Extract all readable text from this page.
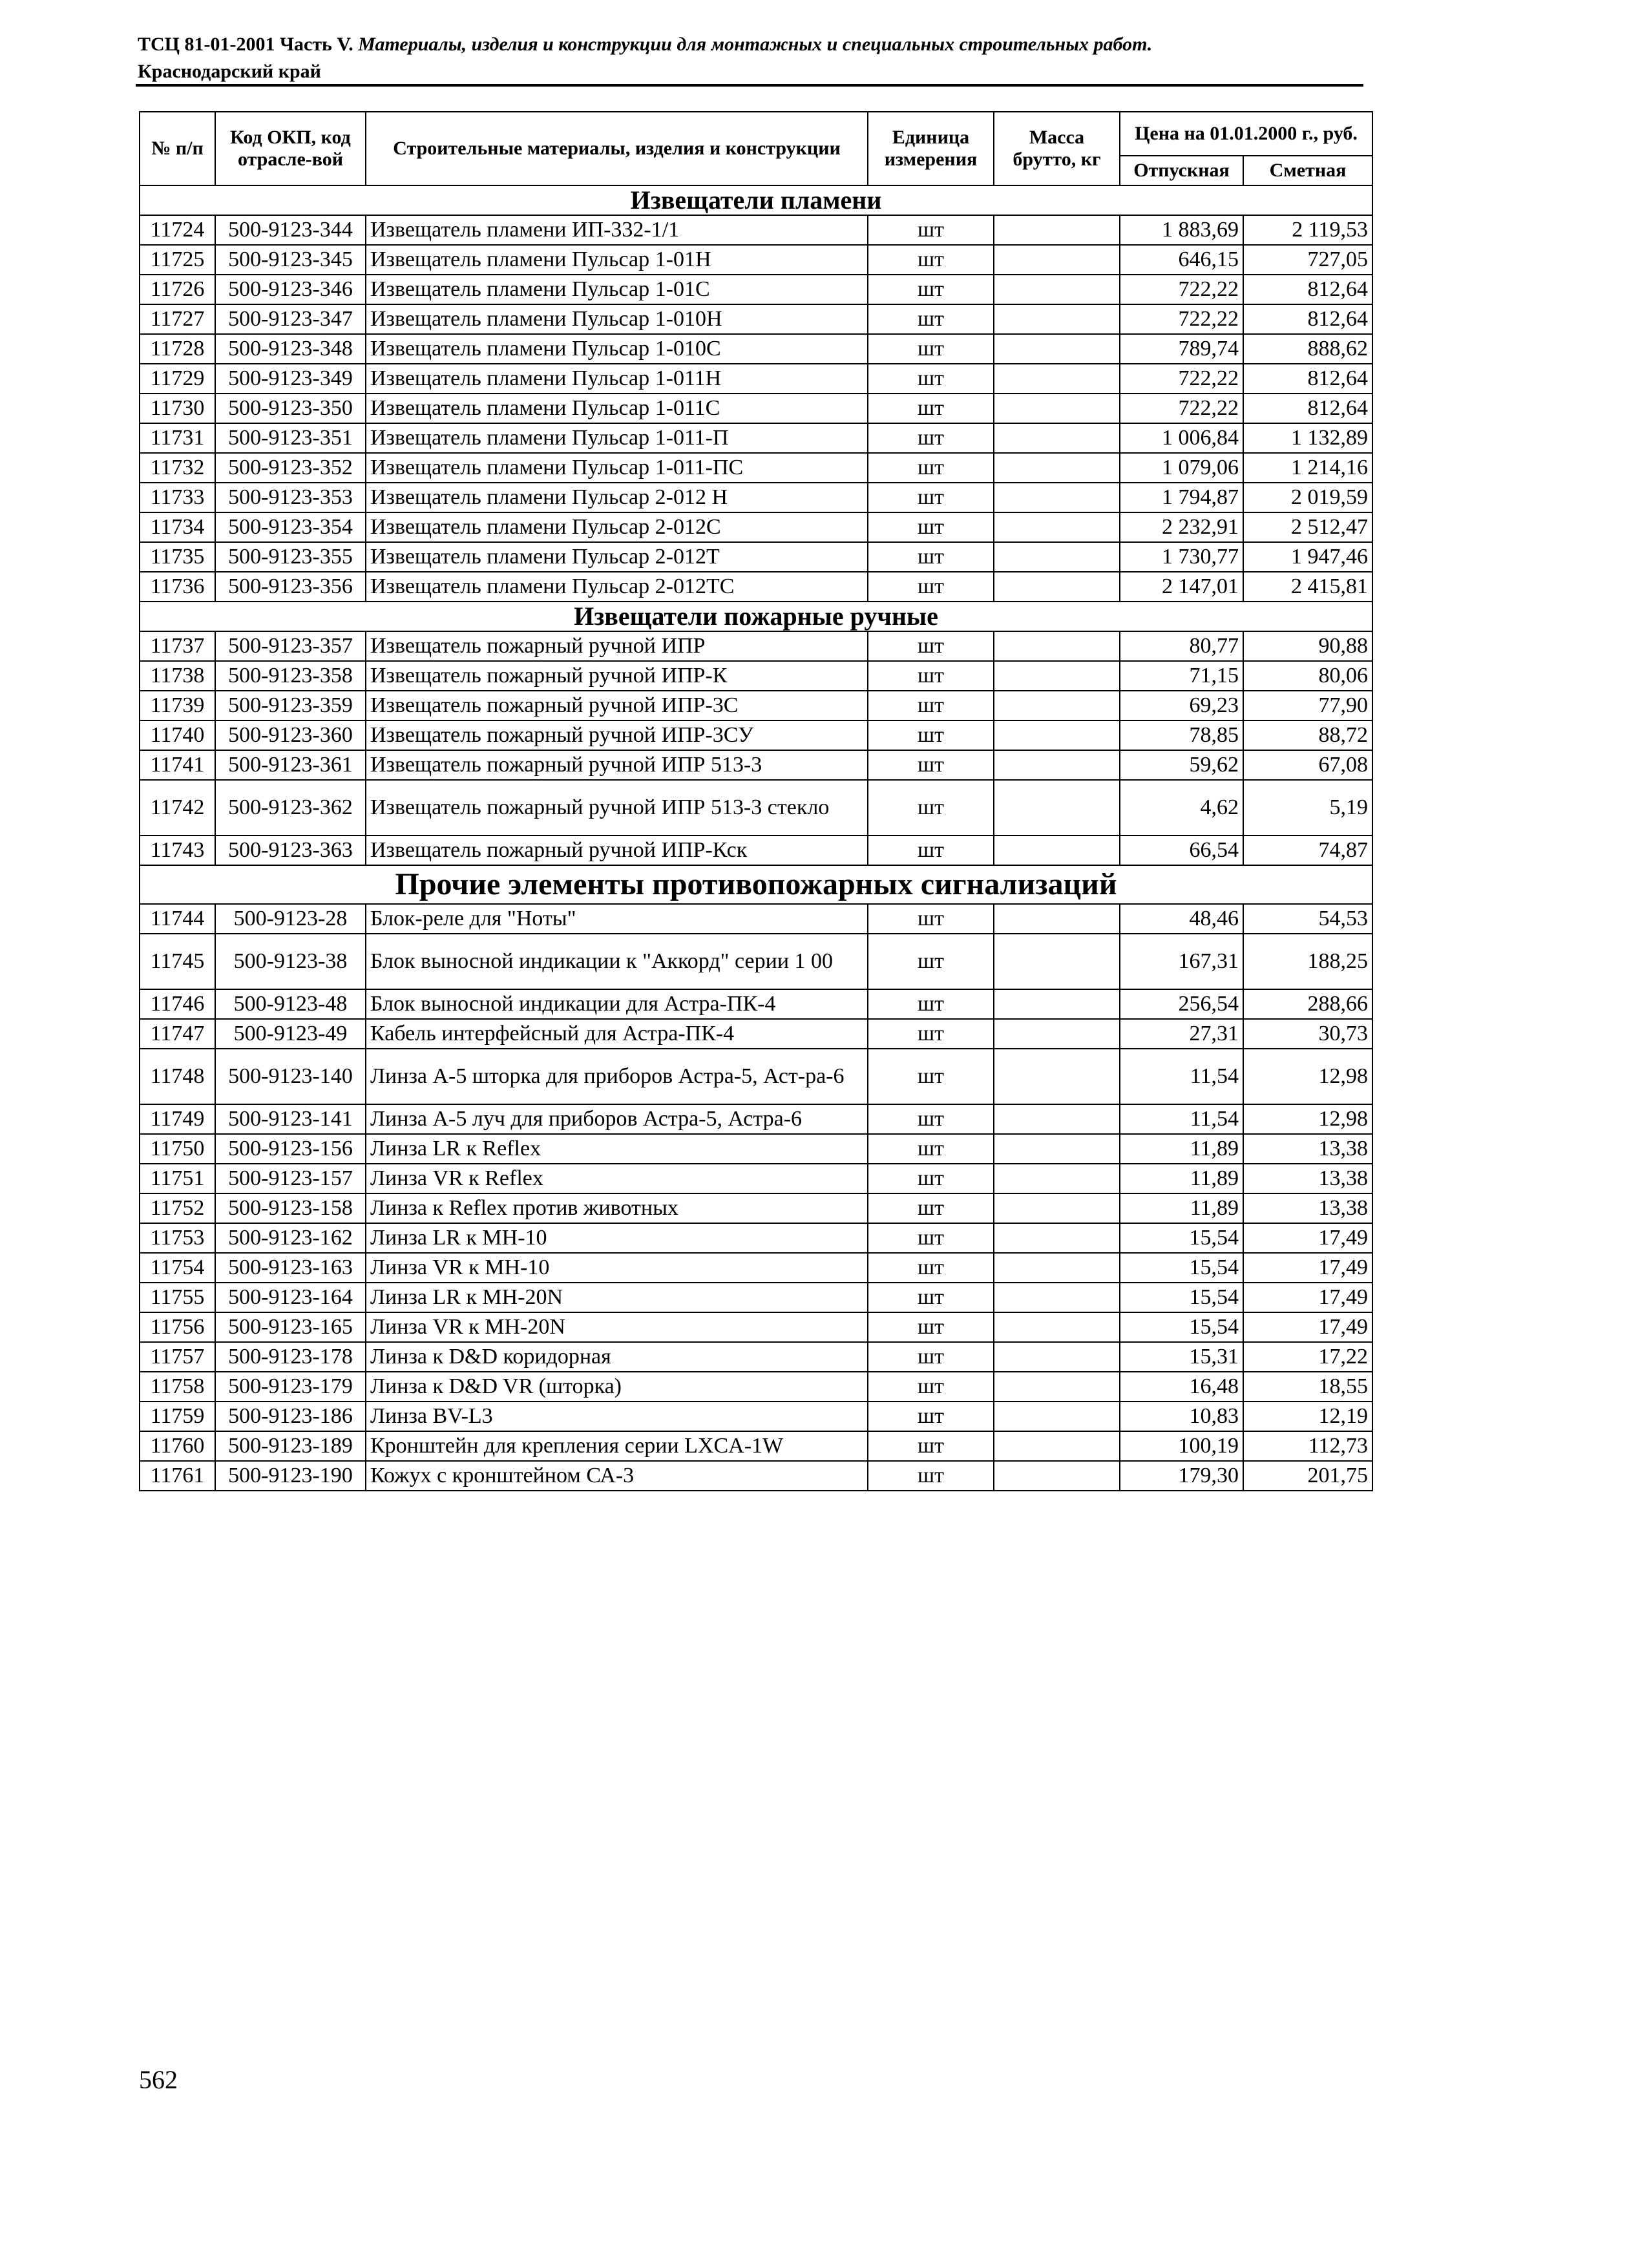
ТСЦ 81-01-2001 Часть V. Материалы, изделия и конструкции для монтажных и специальных строительных работ.
Краснодарский край
№ п/п	Код ОКП, код отрасле-вой	Строительные материалы, изделия и конструкции	Единица измерения	Масса брутто, кг	Цена на 01.01.2000 г., руб.	
					Отпускная	Сметная
Извещатели пламени						
11724	500-9123-344	Извещатель пламени ИП-332-1/1	шт		1 883,69	2 119,53
11725	500-9123-345	Извещатель пламени Пульсар 1-01Н	шт		646,15	727,05
11726	500-9123-346	Извещатель пламени Пульсар 1-01С	шт		722,22	812,64
11727	500-9123-347	Извещатель пламени Пульсар 1-010Н	шт		722,22	812,64
11728	500-9123-348	Извещатель пламени Пульсар 1-010С	шт		789,74	888,62
11729	500-9123-349	Извещатель пламени Пульсар 1-011Н	шт		722,22	812,64
11730	500-9123-350	Извещатель пламени Пульсар 1-011С	шт		722,22	812,64
11731	500-9123-351	Извещатель пламени Пульсар 1-011-П	шт		1 006,84	1 132,89
11732	500-9123-352	Извещатель пламени Пульсар 1-011-ПС	шт		1 079,06	1 214,16
11733	500-9123-353	Извещатель пламени Пульсар 2-012 Н	шт		1 794,87	2 019,59
11734	500-9123-354	Извещатель пламени Пульсар 2-012С	шт		2 232,91	2 512,47
11735	500-9123-355	Извещатель пламени Пульсар 2-012Т	шт		1 730,77	1 947,46
11736	500-9123-356	Извещатель пламени Пульсар 2-012ТС	шт		2 147,01	2 415,81
Извещатели пожарные ручные						
11737	500-9123-357	Извещатель пожарный ручной ИПР	шт		80,77	90,88
11738	500-9123-358	Извещатель пожарный ручной ИПР-К	шт		71,15	80,06
11739	500-9123-359	Извещатель пожарный ручной ИПР-3С	шт		69,23	77,90
11740	500-9123-360	Извещатель пожарный ручной ИПР-3СУ	шт		78,85	88,72
11741	500-9123-361	Извещатель пожарный ручной ИПР 513-3	шт		59,62	67,08
11742	500-9123-362	Извещатель пожарный ручной ИПР 513-3 стекло	шт		4,62	5,19
11743	500-9123-363	Извещатель пожарный ручной ИПР-Кск	шт		66,54	74,87
Прочие элементы противопожарных сигнализаций						
11744	500-9123-28	Блок-реле для "Ноты"	шт		48,46	54,53
11745	500-9123-38	Блок выносной индикации к "Аккорд" серии 1 00	шт		167,31	188,25
11746	500-9123-48	Блок выносной индикации для Астра-ПК-4	шт		256,54	288,66
11747	500-9123-49	Кабель интерфейсный для Астра-ПК-4	шт		27,31	30,73
11748	500-9123-140	Линза А-5 шторка для приборов Астра-5, Аст-ра-6	шт		11,54	12,98
11749	500-9123-141	Линза А-5 луч для приборов Астра-5, Астра-6	шт		11,54	12,98
11750	500-9123-156	Линза LR к Reflex	шт		11,89	13,38
11751	500-9123-157	Линза VR к Reflex	шт		11,89	13,38
11752	500-9123-158	Линза к Reflex против животных	шт		11,89	13,38
11753	500-9123-162	Линза LR к МН-10	шт		15,54	17,49
11754	500-9123-163	Линза VR к МН-10	шт		15,54	17,49
11755	500-9123-164	Линза LR к МН-20N	шт		15,54	17,49
11756	500-9123-165	Линза VR к МН-20N	шт		15,54	17,49
11757	500-9123-178	Линза к D&D коридорная	шт		15,31	17,22
11758	500-9123-179	Линза к D&D VR (шторка)	шт		16,48	18,55
11759	500-9123-186	Линза BV-L3	шт		10,83	12,19
11760	500-9123-189	Кронштейн для крепления серии LXCA-1W	шт		100,19	112,73
11761	500-9123-190	Кожух с кронштейном СА-3	шт		179,30	201,75
562
